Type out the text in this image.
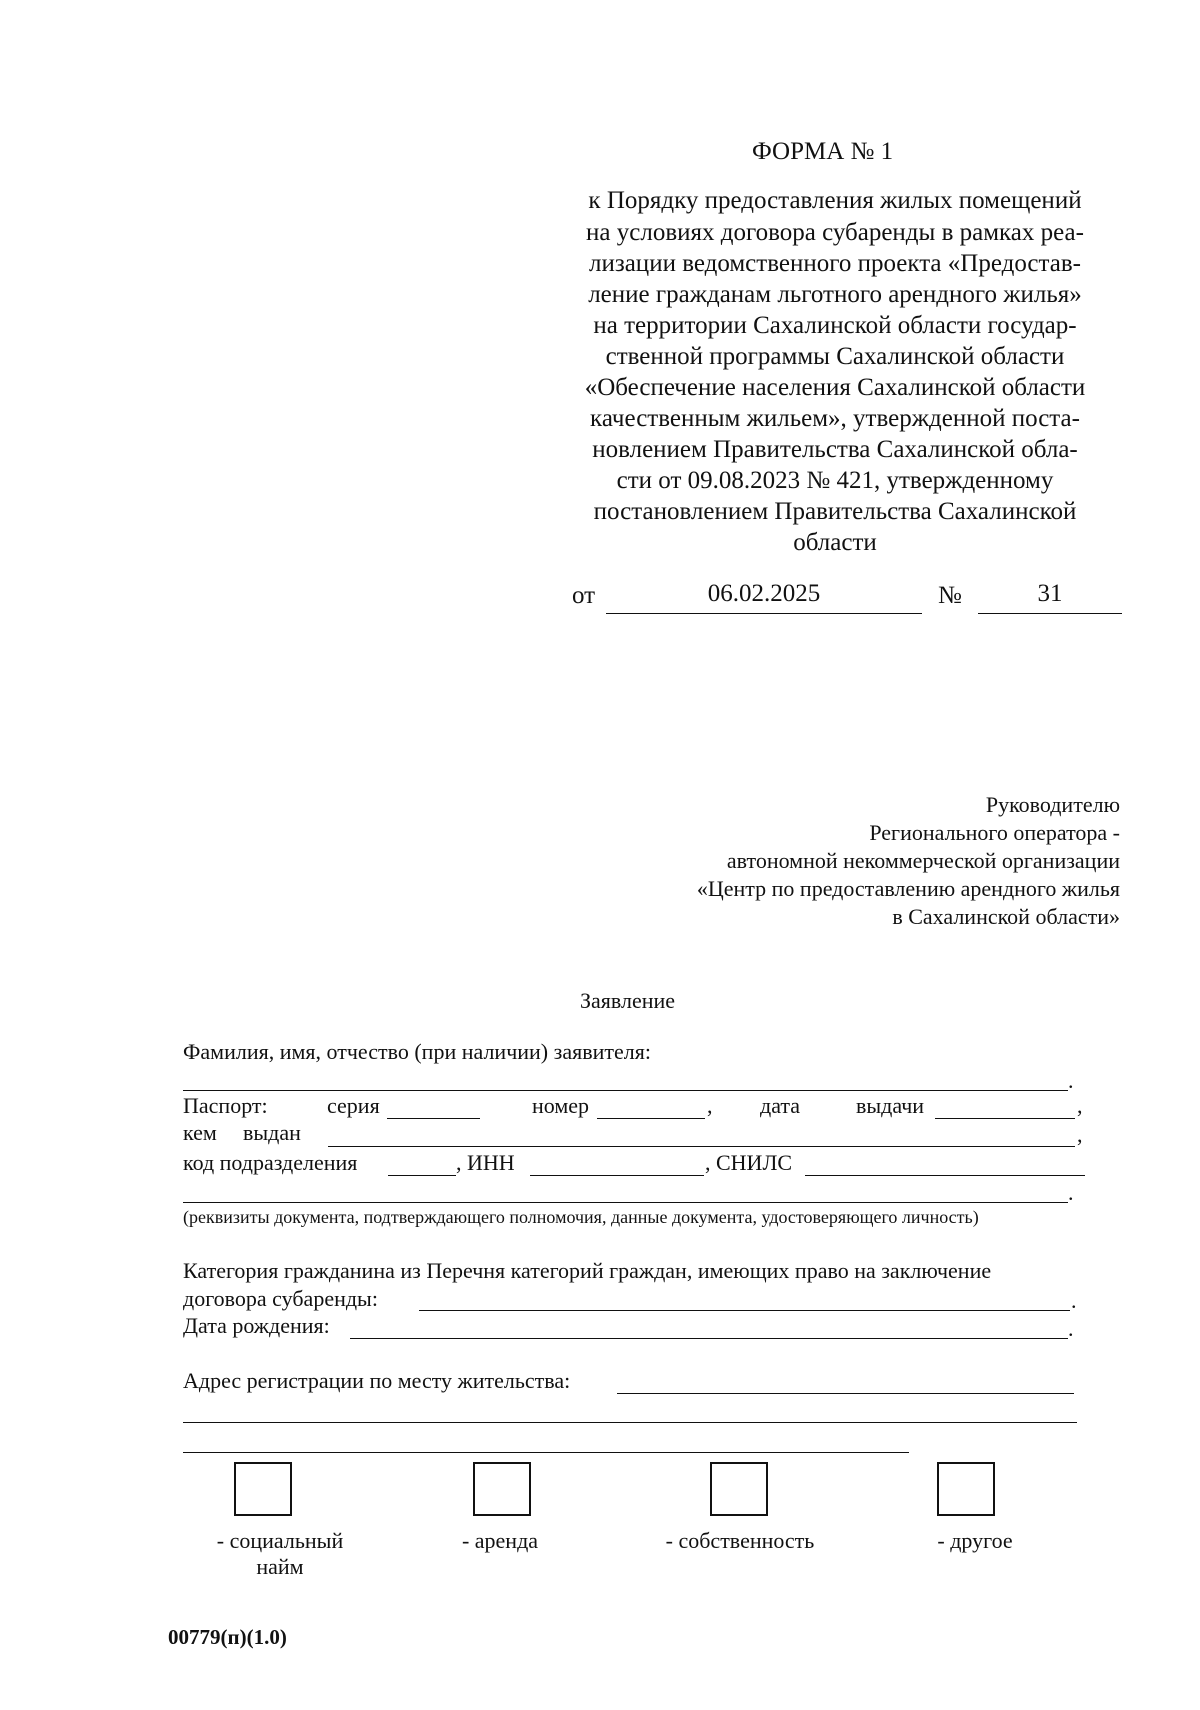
ФОРМА № 1
к Порядку предоставления жилых помещений
на условиях договора субаренды в рамках реа-
лизации ведомственного проекта «Предостав-
ление гражданам льготного арендного жилья»
на территории Сахалинской области государ-
ственной программы Сахалинской области
«Обеспечение населения Сахалинской области
качественным жильем», утвержденной поста-
новлением Правительства Сахалинской обла-
сти от 09.08.2023 № 421, утвержденному
постановлением Правительства Сахалинской
области
от	06.02.2025	№	31
Руководителю
Регионального оператора -
автономной некоммерческой организации
«Центр по предоставлению арендного жилья
в Сахалинской области»
Заявление
Фамилия, имя, отчество (при наличии) заявителя:
.
Паспорт:	серия	номер	, дата	выдачи	,
кем выдан	,
код подразделения	, ИНН	, СНИЛС
.
(реквизиты документа, подтверждающего полномочия, данные документа, удостоверяющего личность)
Категория гражданина из Перечня категорий граждан, имеющих право на заключение
договора субаренды:	.
Дата рождения:	.
Адрес регистрации по месту жительства:
- социальный
найм
- аренда	- собственность	- другое
00779(п)(1.0)
